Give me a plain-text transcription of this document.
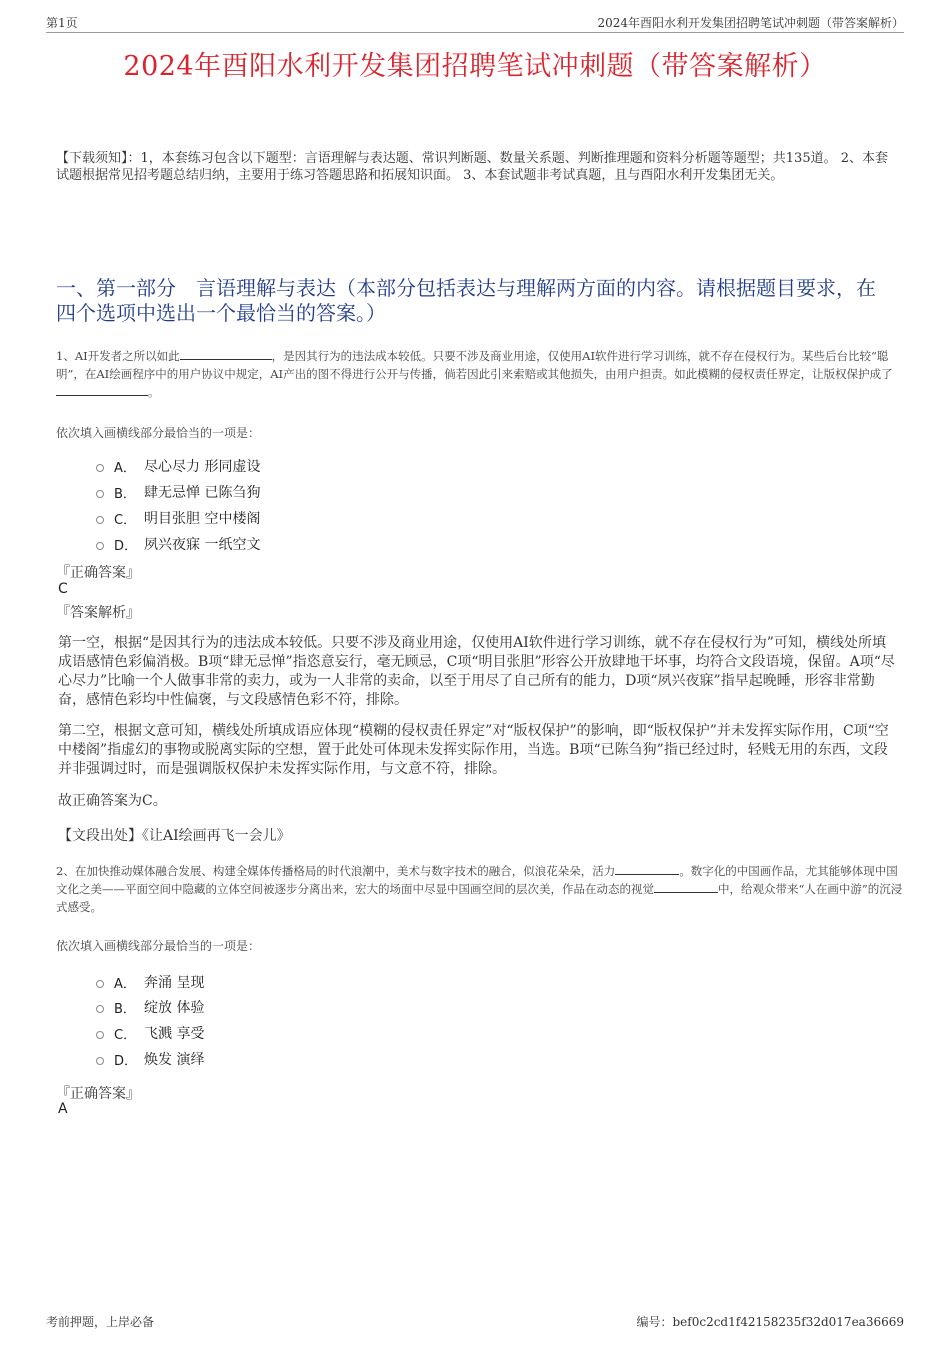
第1页	2024年酉阳水利开发集团招聘笔试冲刺题（带答案解析）
2024年酉阳水利开发集团招聘笔试冲刺题（带答案解析）
【下载须知】：1，本套练习包含以下题型：言语理解与表达题、常识判断题、数量关系题、判断推理题和资料分析题等题型；共135道。 2、本套试题根据常见招考题总结归纳，主要用于练习答题思路和拓展知识面。 3、本套试题非考试真题，且与酉阳水利开发集团无关。
一、第一部分　言语理解与表达（本部分包括表达与理解两方面的内容。请根据题目要求，在四个选项中选出一个最恰当的答案。）
1、AI开发者之所以如此	，是因其行为的违法成本较低。只要不涉及商业用途，仅使用AI软件进行学习训练，就不存在侵权行为。某些后台比较“聪明”，在AI绘画程序中的用户协议中规定，AI产出的图不得进行公开与传播，倘若因此引来索赔或其他损失，由用户担责。如此模糊的侵权责任界定，让版权保护成了。
依次填入画横线部分最恰当的一项是：
A． 尽心尽力 形同虚设
B． 肆无忌惮 已陈刍狗
C． 明目张胆 空中楼阁
D． 夙兴夜寐 一纸空文
『正确答案』
C
『答案解析』
第一空，根据“是因其行为的违法成本较低。只要不涉及商业用途，仅使用AI软件进行学习训练，就不存在侵权行为”可知，横线处所填成语感情色彩偏消极。B项“肆无忌惮”指恣意妄行，毫无顾忌，C项“明目张胆”形容公开放肆地干坏事，均符合文段语境，保留。A项“尽心尽力”比喻一个人做事非常的卖力，或为一人非常的卖命，以至于用尽了自己所有的能力，D项“夙兴夜寐”指早起晚睡，形容非常勤奋，感情色彩均中性偏褒，与文段感情色彩不符，排除。
第二空，根据文意可知，横线处所填成语应体现“模糊的侵权责任界定”对“版权保护”的影响，即“版权保护”并未发挥实际作用，C项“空中楼阁”指虚幻的事物或脱离实际的空想，置于此处可体现未发挥实际作用，当选。B项“已陈刍狗”指已经过时，轻贱无用的东西，文段并非强调过时，而是强调版权保护未发挥实际作用，与文意不符，排除。
故正确答案为C。
【文段出处】《让AI绘画再飞一会儿》
2、在加快推动媒体融合发展、构建全媒体传播格局的时代浪潮中，美术与数字技术的融合，似浪花朵朵，活力	。数字化的中国画作品，尤其能够体现中国文化之美——平面空间中隐藏的立体空间被逐步分离出来，宏大的场面中尽显中国画空间的层次美，作品在动态的视觉	中，给观众带来“人在画中游”的沉浸式感受。
依次填入画横线部分最恰当的一项是：
A． 奔涌 呈现
B． 绽放 体验
C． 飞溅 享受
D． 焕发 演绎
『正确答案』
A
考前押题，上岸必备	编号：bef0c2cd1f42158235f32d017ea36669
